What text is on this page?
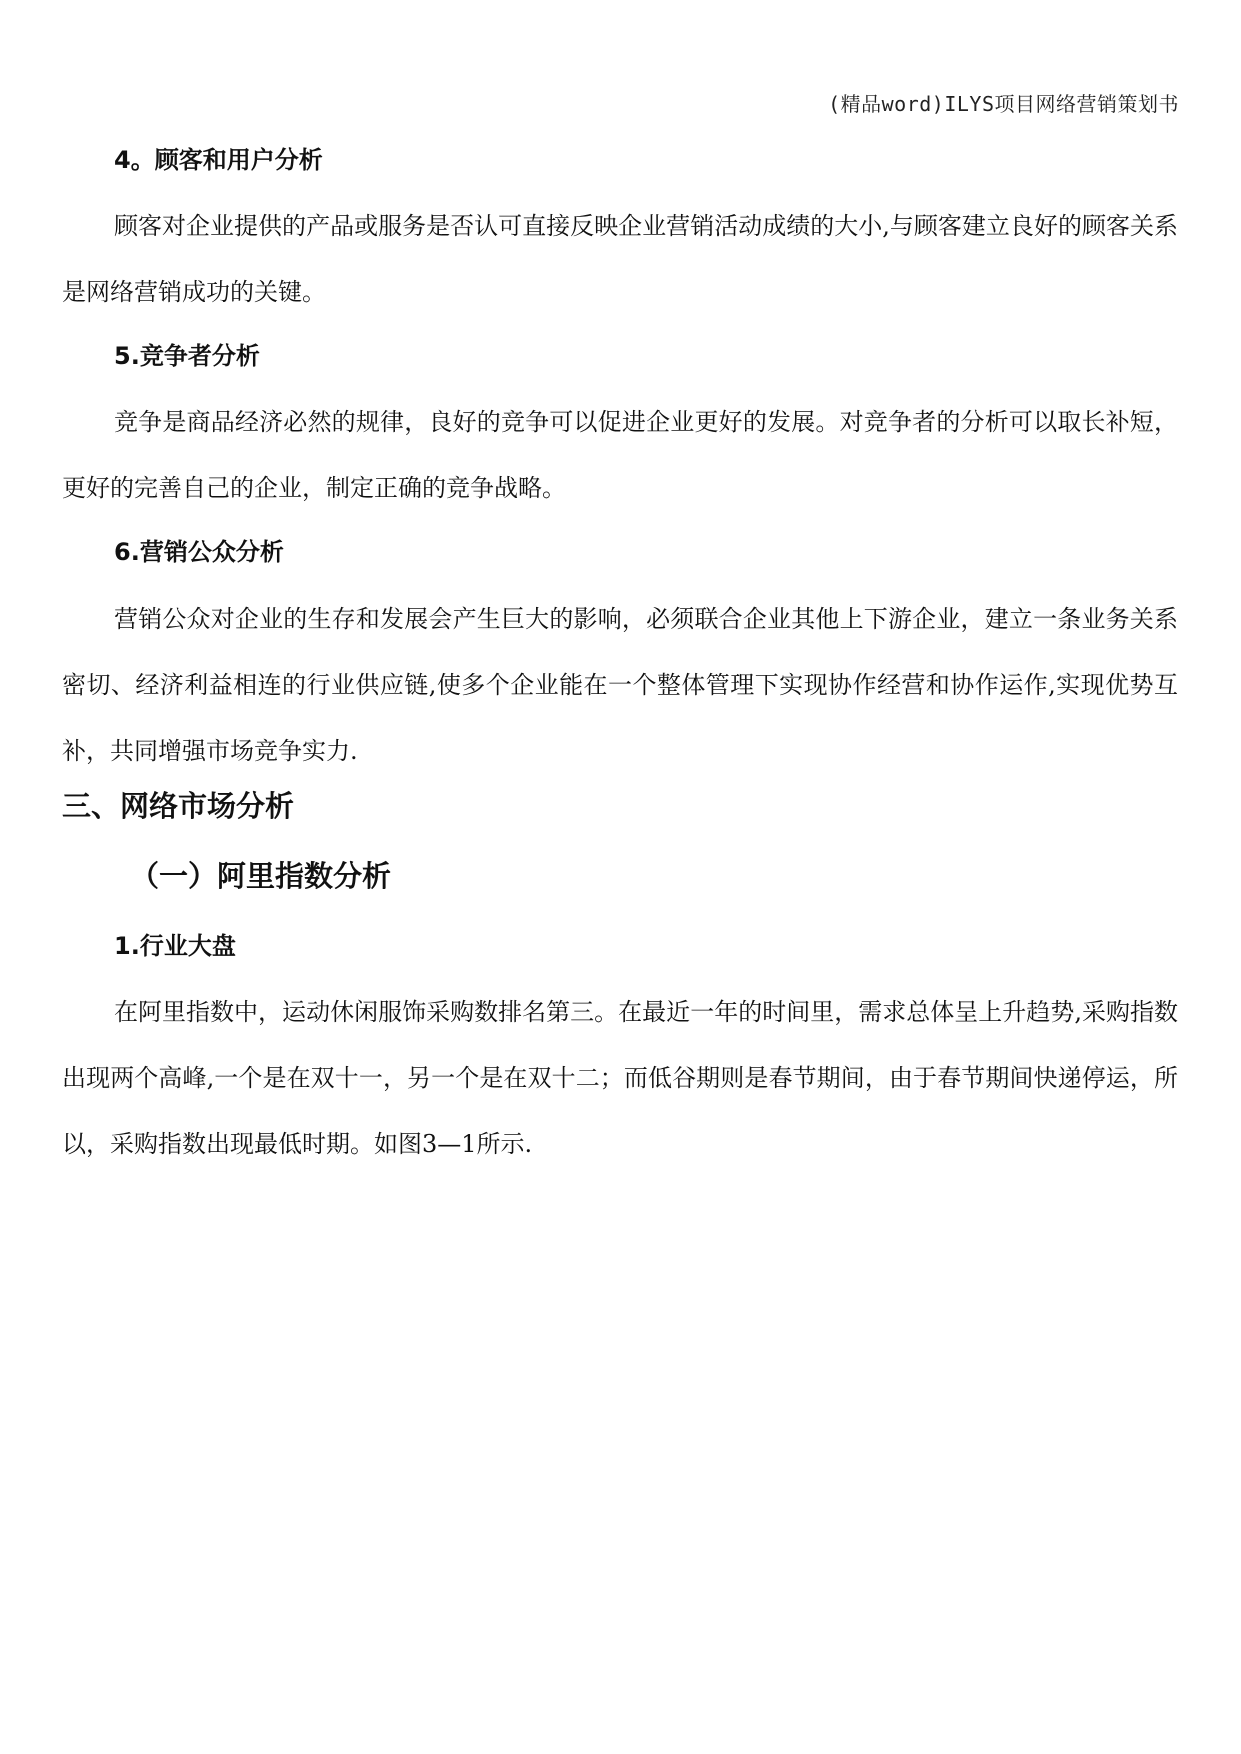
(精品word)ILYS项目网络营销策划书
4。顾客和用户分析

顾客对企业提供的产品或服务是否认可直接反映企业营销活动成绩的大小,与顾客建立良好的顾客关系是网络营销成功的关键。

5.竞争者分析

竞争是商品经济必然的规律，良好的竞争可以促进企业更好的发展。对竞争者的分析可以取长补短，更好的完善自己的企业，制定正确的竞争战略。

6.营销公众分析

营销公众对企业的生存和发展会产生巨大的影响，必须联合企业其他上下游企业，建立一条业务关系密切、经济利益相连的行业供应链,使多个企业能在一个整体管理下实现协作经营和协作运作,实现优势互补，共同增强市场竞争实力.

三、网络市场分析
（一）阿里指数分析
1.行业大盘

在阿里指数中，运动休闲服饰采购数排名第三。在最近一年的时间里，需求总体呈上升趋势,采购指数出现两个高峰,一个是在双十一，另一个是在双十二；而低谷期则是春节期间，由于春节期间快递停运，所以，采购指数出现最低时期。如图3—1所示.
